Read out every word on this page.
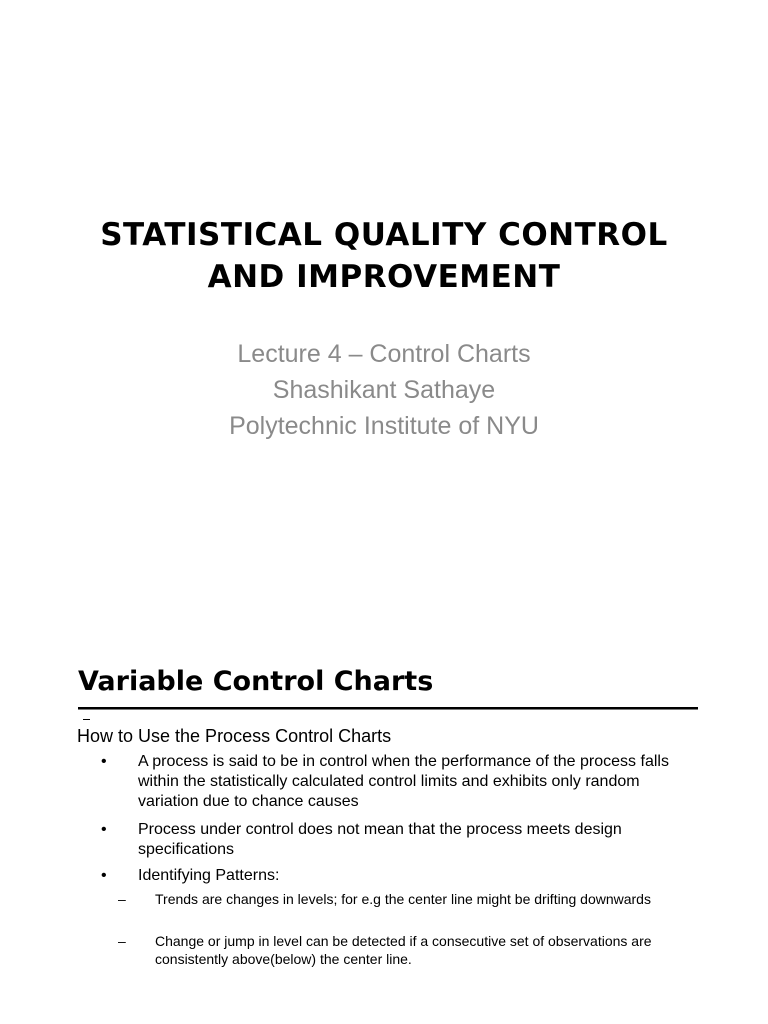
STATISTICAL QUALITY CONTROL
AND IMPROVEMENT
Lecture 4 – Control Charts
Shashikant Sathaye
Polytechnic Institute of NYU
Variable Control Charts
How to Use the Process Control Charts
•	A process is said to be in control when the performance of the process falls within the statistically calculated control limits and exhibits only random variation due to chance causes
•	Process under control does not mean that the process meets design specifications
•	Identifying Patterns:
– Trends are changes in levels; for e.g the center line might be drifting downwards
– Change or jump in level can be detected if a consecutive set of observations are consistently above(below) the center line.
